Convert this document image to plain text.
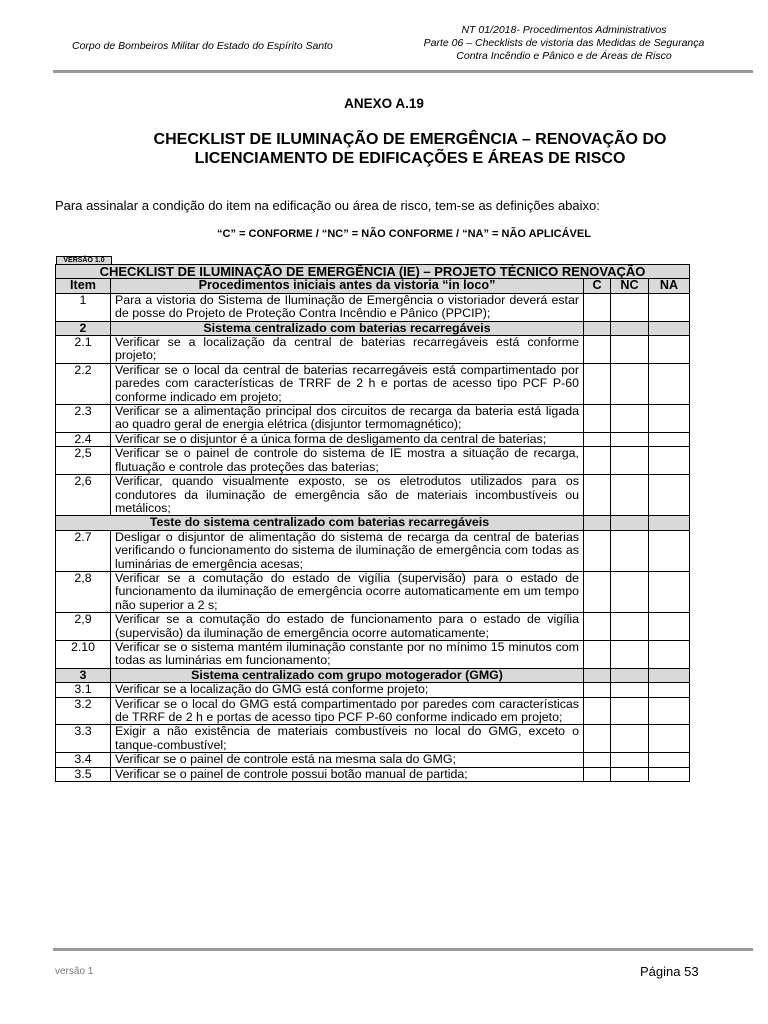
Corpo de Bombeiros Militar do Estado do Espírito Santo
NT 01/2018- Procedimentos Administrativos
Parte 06 – Checklists de vistoria das Medidas de Segurança
Contra Incêndio e Pânico e de Áreas de Risco
ANEXO A.19
CHECKLIST DE ILUMINAÇÃO DE EMERGÊNCIA – RENOVAÇÃO DO
LICENCIAMENTO DE EDIFICAÇÕES E ÁREAS DE RISCO
Para assinalar a condição do item na edificação ou área de risco, tem-se as definições abaixo:
“C” = CONFORME / “NC” = NÃO CONFORME / “NA” = NÃO APLICÁVEL
VERSÃO 1.0
CHECKLIST DE ILUMINAÇÃO DE EMERGÊNCIA (IE) – PROJETO TÉCNICO RENOVAÇÃO				
Item	Procedimentos iniciais antes da vistoria “in loco”	C	NC	NA
1	Para a vistoria do Sistema de Iluminação de Emergência o vistoriador deverá estar de posse do Projeto de Proteção Contra Incêndio e Pânico (PPCIP);			
2	Sistema centralizado com baterias recarregáveis			
2.1	Verificar se a localização da central de baterias recarregáveis está conforme projeto;			
2.2	Verificar se o local da central de baterias recarregáveis está compartimentado por paredes com características de TRRF de 2 h e portas de acesso tipo PCF P-60 conforme indicado em projeto;			
2.3	Verificar se a alimentação principal dos circuitos de recarga da bateria está ligada ao quadro geral de energia elétrica (disjuntor termomagnético);			
2.4	Verificar se o disjuntor é a única forma de desligamento da central de baterias;			
2,5	Verificar se o painel de controle do sistema de IE mostra a situação de recarga, flutuação e controle das proteções das baterias;			
2,6	Verificar, quando visualmente exposto, se os eletrodutos utilizados para os condutores da iluminação de emergência são de materiais incombustíveis ou metálicos;			
Teste do sistema centralizado com baterias recarregáveis				
2.7	Desligar o disjuntor de alimentação do sistema de recarga da central de baterias verificando o funcionamento do sistema de iluminação de emergência com todas as luminárias de emergência acesas;			
2,8	Verificar se a comutação do estado de vigília (supervisão) para o estado de funcionamento da iluminação de emergência ocorre automaticamente em um tempo não superior a 2 s;			
2,9	Verificar se a comutação do estado de funcionamento para o estado de vigília (supervisão) da iluminação de emergência ocorre automaticamente;			
2.10	Verificar se o sistema mantém iluminação constante por no mínimo 15 minutos com todas as luminárias em funcionamento;			
3	Sistema centralizado com grupo motogerador (GMG)			
3.1	Verificar se a localização do GMG está conforme projeto;			
3.2	Verificar se o local do GMG está compartimentado por paredes com características de TRRF de 2 h e portas de acesso tipo PCF P-60 conforme indicado em projeto;			
3.3	Exigir a não existência de materiais combustíveis no local do GMG, exceto o tanque-combustível;			
3.4	Verificar se o painel de controle está na mesma sala do GMG;			
3.5	Verificar se o painel de controle possui botão manual de partida;			
versão 1	Página 53
